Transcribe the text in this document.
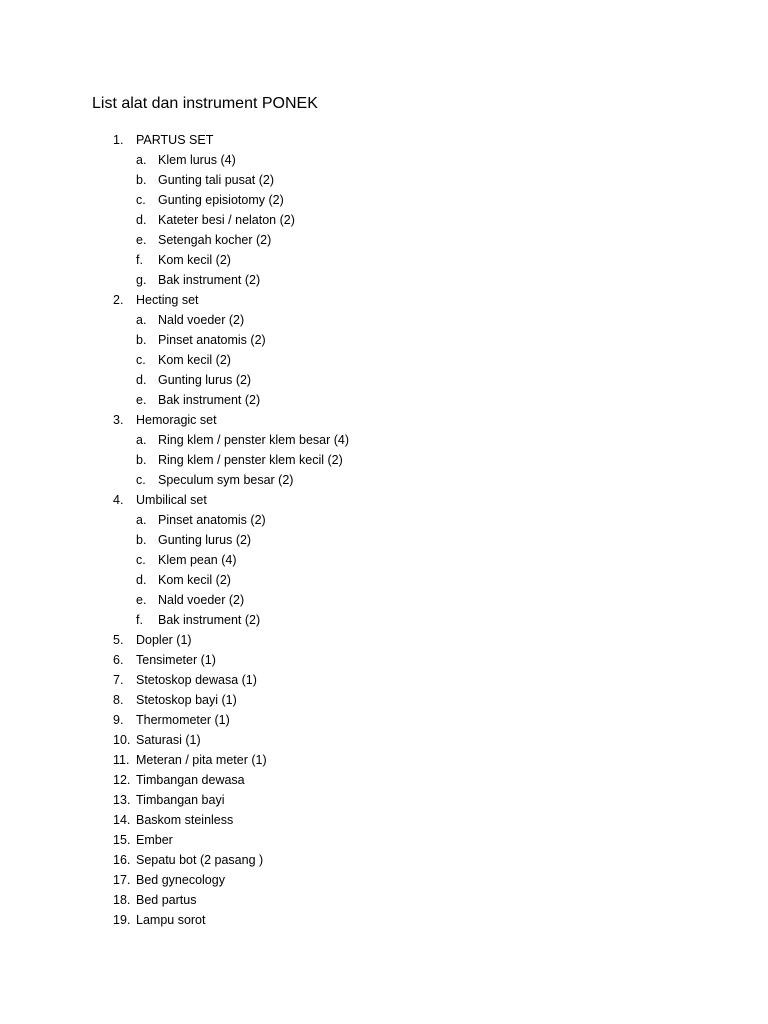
List alat dan instrument PONEK
1. PARTUS SET
a. Klem lurus (4)
b. Gunting tali pusat (2)
c. Gunting episiotomy (2)
d. Kateter besi / nelaton (2)
e. Setengah kocher (2)
f. Kom kecil (2)
g. Bak instrument (2)
2. Hecting set
a. Nald voeder (2)
b. Pinset anatomis (2)
c. Kom kecil (2)
d. Gunting lurus (2)
e. Bak instrument (2)
3. Hemoragic set
a. Ring klem / penster klem besar (4)
b. Ring klem / penster klem kecil (2)
c. Speculum sym besar (2)
4. Umbilical set
a. Pinset anatomis (2)
b. Gunting lurus (2)
c. Klem pean (4)
d. Kom kecil (2)
e. Nald voeder (2)
f. Bak instrument (2)
5. Dopler (1)
6. Tensimeter (1)
7. Stetoskop dewasa (1)
8. Stetoskop bayi (1)
9. Thermometer (1)
10. Saturasi (1)
11. Meteran / pita meter (1)
12. Timbangan dewasa
13. Timbangan bayi
14. Baskom steinless
15. Ember
16. Sepatu bot (2 pasang )
17. Bed gynecology
18. Bed partus
19. Lampu sorot
